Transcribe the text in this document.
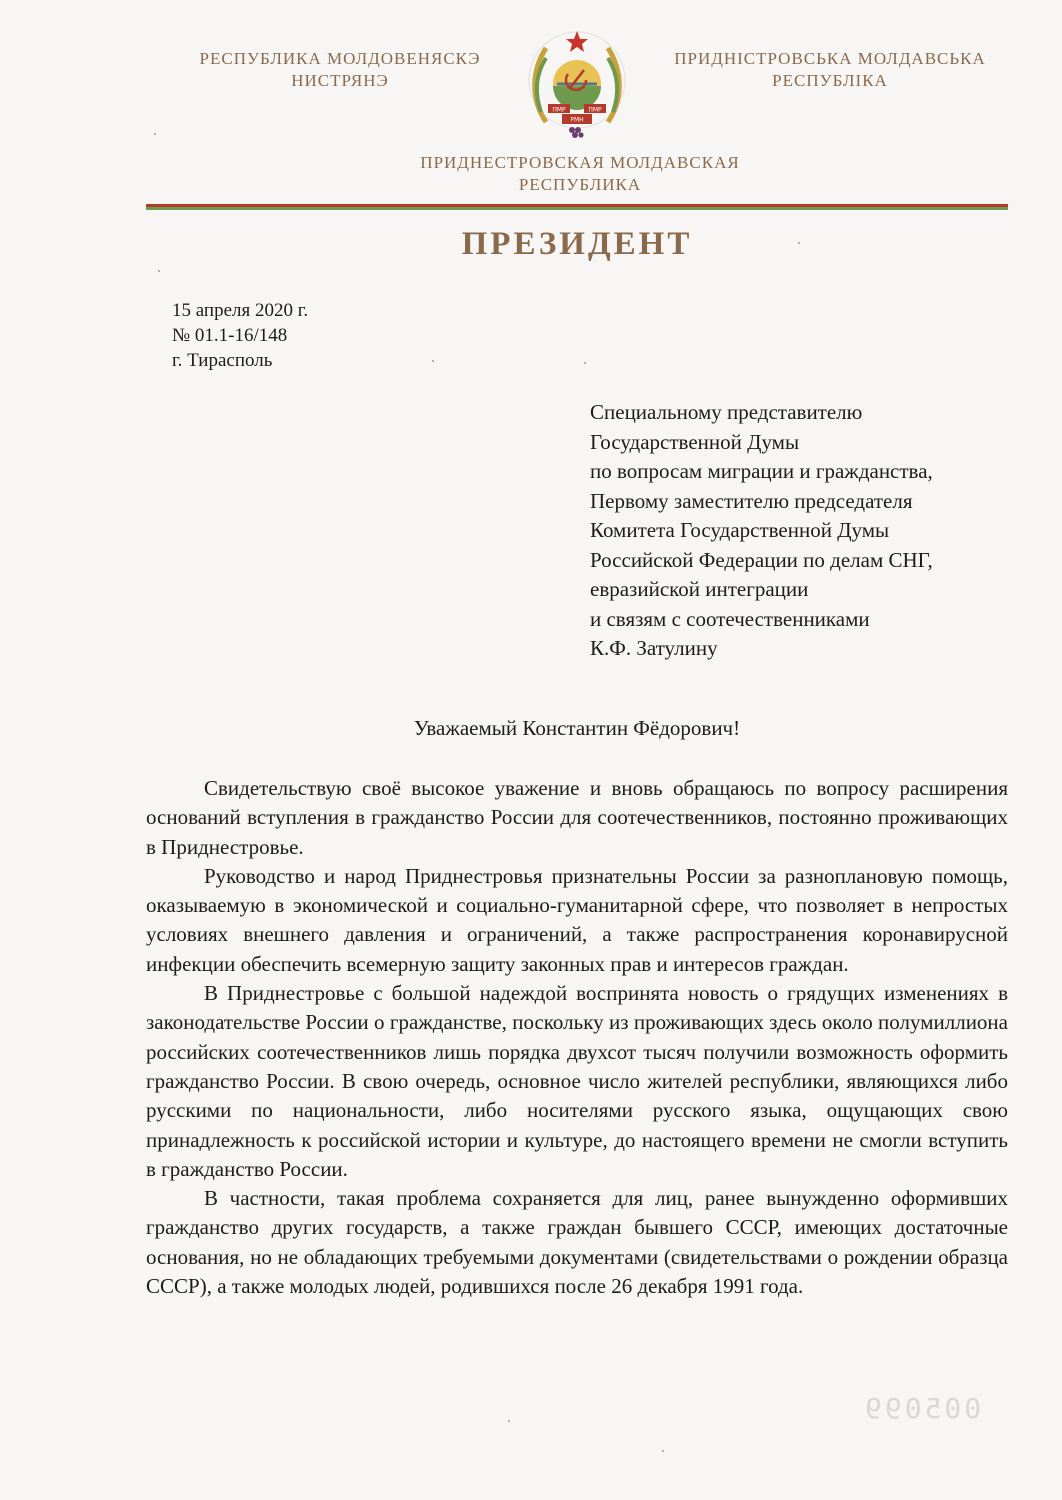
РЕСПУБЛИКА МОЛДОВЕНЯСКЭ
НИСТРЯНЭ
ПМР
РМН
ПМР
ПРИДНІСТРОВСЬКА МОЛДАВСЬКА
РЕСПУБЛІКА
ПРИДНЕСТРОВСКАЯ МОЛДАВСКАЯ
РЕСПУБЛИКА
ПРЕЗИДЕНТ
15 апреля 2020 г.
№ 01.1-16/148
г. Тирасполь
Специальному представителю
Государственной Думы
по вопросам миграции и гражданства,
Первому заместителю председателя
Комитета Государственной Думы
Российской Федерации по делам СНГ,
евразийской интеграции
и связям с соотечественниками
К.Ф. Затулину
Уважаемый Константин Фёдорович!

Свидетельствую своё высокое уважение и вновь обращаюсь по вопросу расширения оснований вступления в гражданство России для соотечественников, постоянно проживающих в Приднестровье.

Руководство и народ Приднестровья признательны России за разноплановую помощь, оказываемую в экономической и социально-гуманитарной сфере, что позволяет в непростых условиях внешнего давления и ограничений, а также распространения коронавирусной инфекции обеспечить всемерную защиту законных прав и интересов граждан.

В Приднестровье с большой надеждой воспринята новость о грядущих изменениях в законодательстве России о гражданстве, поскольку из проживающих здесь около полумиллиона российских соотечественников лишь порядка двухсот тысяч получили возможность оформить гражданство России. В свою очередь, основное число жителей республики, являющихся либо русскими по национальности, либо носителями русского языка, ощущающих свою принадлежность к российской истории и культуре, до настоящего времени не смогли вступить в гражданство России.

В частности, такая проблема сохраняется для лиц, ранее вынужденно оформивших гражданство других государств, а также граждан бывшего СССР, имеющих достаточные основания, но не обладающих требуемыми документами (свидетельствами о рождении образца СССР), а также молодых людей, родившихся после 26 декабря 1991 года.

005099
